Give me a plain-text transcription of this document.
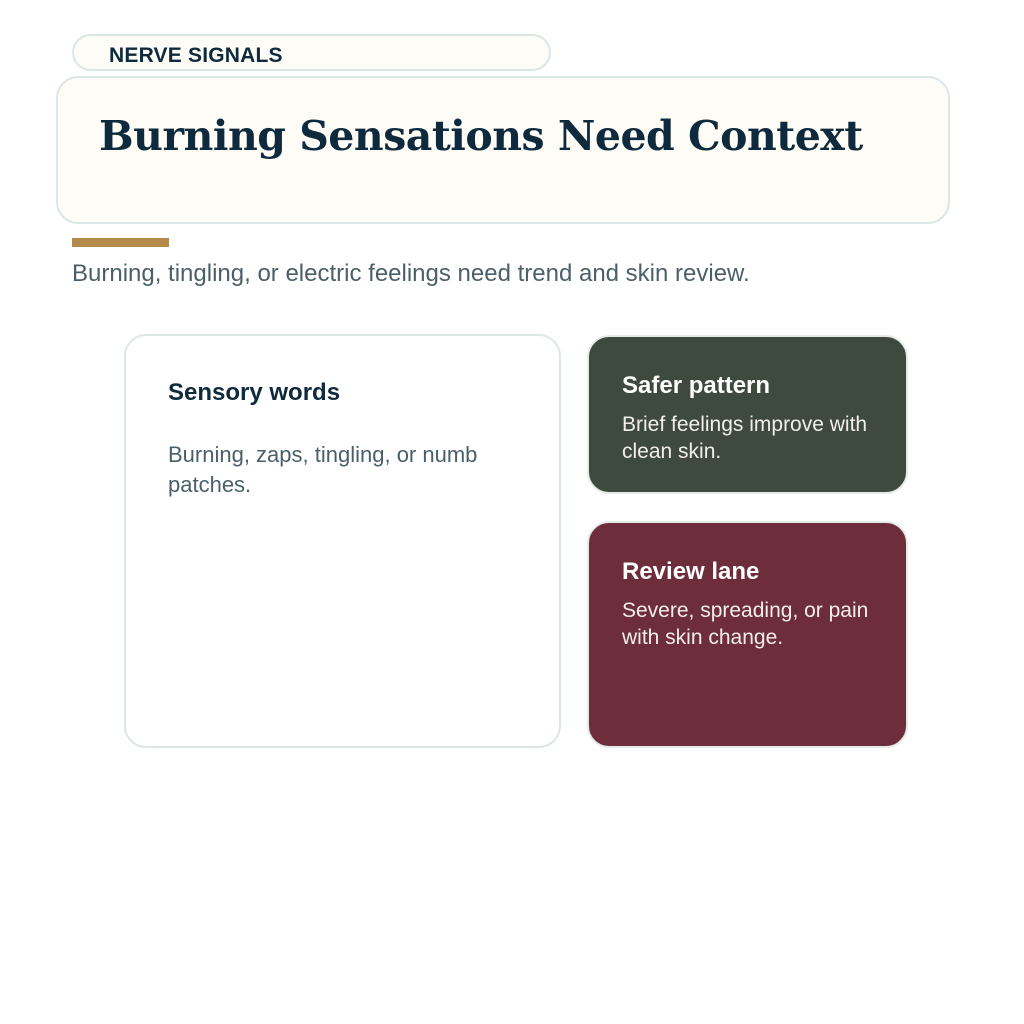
NERVE SIGNALS
Burning Sensations Need Context

Burning, tingling, or electric feelings need trend and skin review.

Sensory words
Burning, zaps, tingling, or numb patches.
Safer pattern
Brief feelings improve with clean skin.
Review lane
Severe, spreading, or pain with skin change.
